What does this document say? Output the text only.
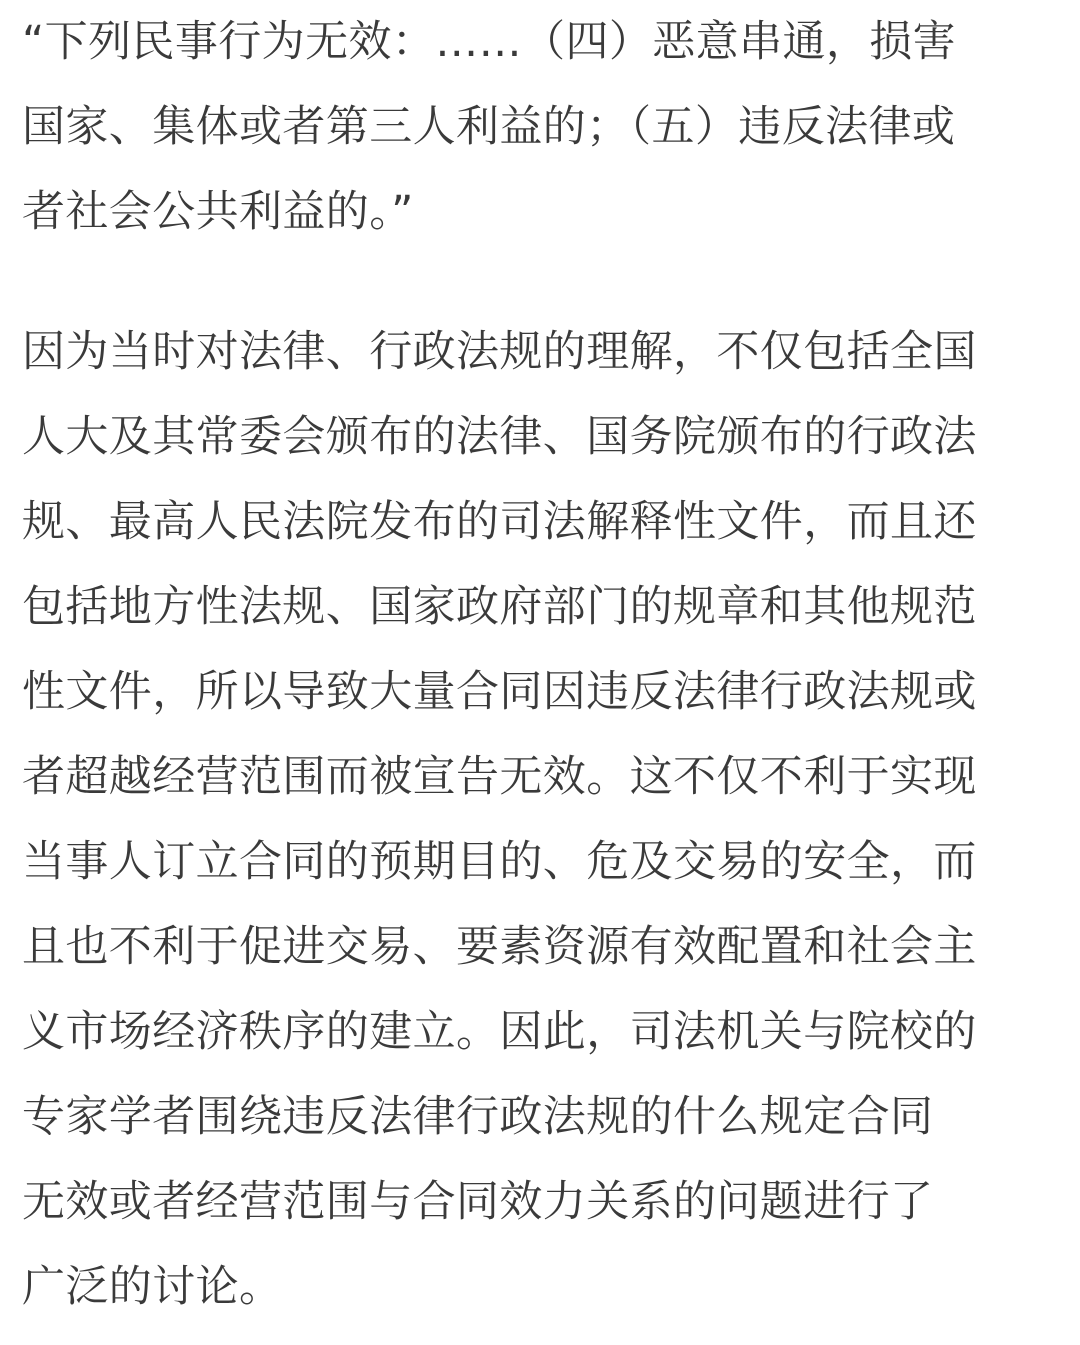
“下列民事行为无效：……（四）恶意串通，损害
国家、集体或者第三人利益的；（五）违反法律或
者社会公共利益的。”
因为当时对法律、行政法规的理解，不仅包括全国
人大及其常委会颁布的法律、国务院颁布的行政法
规、最高人民法院发布的司法解释性文件，而且还
包括地方性法规、国家政府部门的规章和其他规范
性文件，所以导致大量合同因违反法律行政法规或
者超越经营范围而被宣告无效。这不仅不利于实现
当事人订立合同的预期目的、危及交易的安全，而
且也不利于促进交易、要素资源有效配置和社会主
义市场经济秩序的建立。因此，司法机关与院校的
专家学者围绕违反法律行政法规的什么规定合同
无效或者经营范围与合同效力关系的问题进行了
广泛的讨论。
